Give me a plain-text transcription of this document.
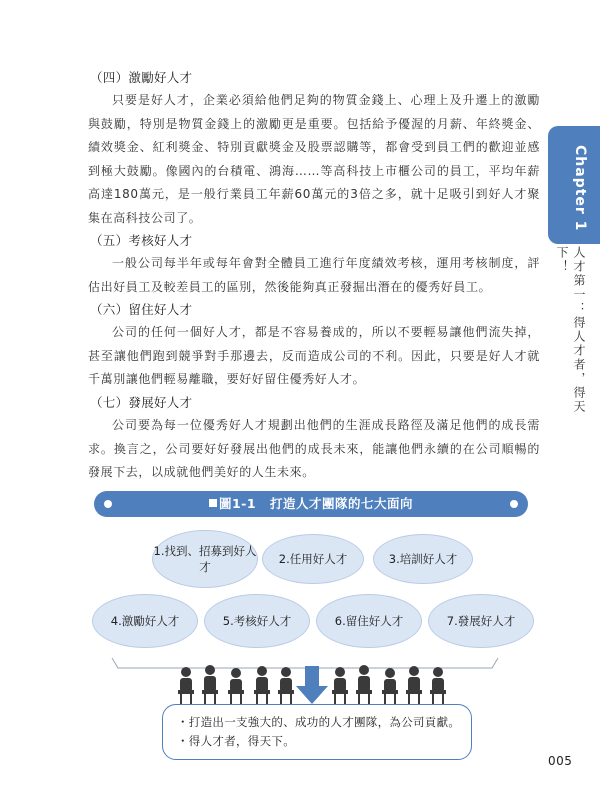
（四）激勵好人才
只要是好人才，企業必須給他們足夠的物質金錢上、心理上及升遷上的激勵與鼓勵，特別是物質金錢上的激勵更是重要。包括給予優渥的月薪、年終獎金、績效獎金、紅利獎金、特別貢獻獎金及股票認購等，都會受到員工們的歡迎並感到極大鼓勵。像國內的台積電、鴻海……等高科技上市櫃公司的員工，平均年薪高達180萬元，是一般行業員工年薪60萬元的3倍之多，就十足吸引到好人才聚集在高科技公司了。
（五）考核好人才
一般公司每半年或每年會對全體員工進行年度績效考核，運用考核制度，評估出好員工及較差員工的區別，然後能夠真正發掘出潛在的優秀好員工。
（六）留住好人才
公司的任何一個好人才，都是不容易養成的，所以不要輕易讓他們流失掉，甚至讓他們跑到競爭對手那邊去，反而造成公司的不利。因此，只要是好人才就千萬別讓他們輕易離職，要好好留住優秀好人才。
（七）發展好人才
公司要為每一位優秀好人才規劃出他們的生涯成長路徑及滿足他們的成長需求。換言之，公司要好好發展出他們的成長未來，能讓他們永續的在公司順暢的發展下去，以成就他們美好的人生未來。
Chapter 1
人才第一：得人才者，得天下！
圖1-1 打造人才團隊的七大面向
1.找到、招募到好人才
2.任用好人才	3.培訓好人才
4.激勵好人才	5.考核好人才	6.留住好人才	7.發展好人才
・打造出一支強大的、成功的人才團隊，為公司貢獻。
・得人才者，得天下。
005
